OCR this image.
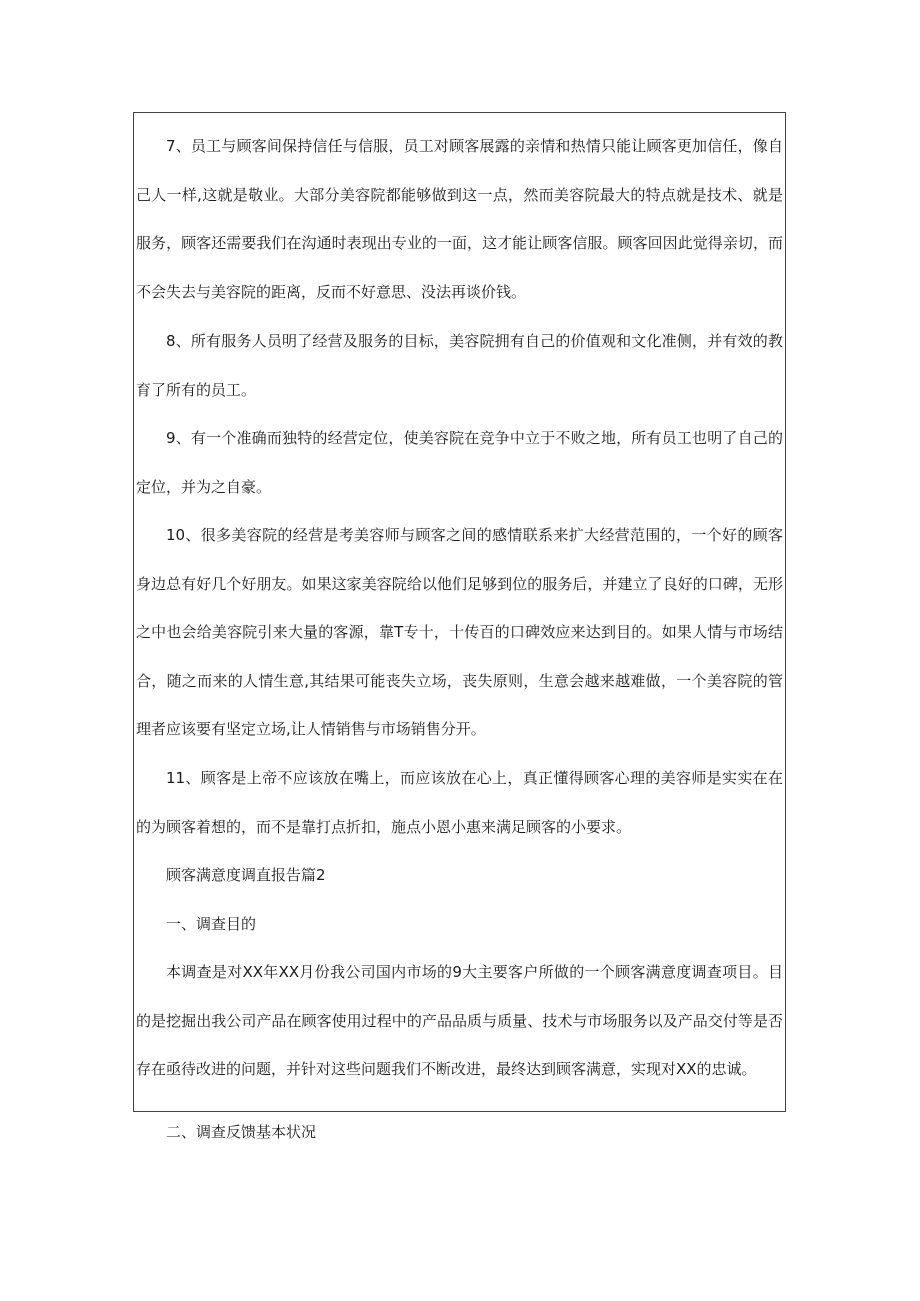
7、员工与顾客间保持信任与信服，员工对顾客展露的亲情和热情只能让顾客更加信任，像自己人一样,这就是敬业。大部分美容院都能够做到这一点，然而美容院最大的特点就是技术、就是服务，顾客还需要我们在沟通时表现出专业的一面，这才能让顾客信服。顾客回因此觉得亲切，而不会失去与美容院的距离，反而不好意思、没法再谈价钱。

8、所有服务人员明了经营及服务的目标，美容院拥有自己的价值观和文化准侧，并有效的教育了所有的员工。

9、有一个准确而独特的经营定位，使美容院在竞争中立于不败之地，所有员工也明了自己的定位，并为之自豪。

10、很多美容院的经营是考美容师与顾客之间的感情联系来扩大经营范围的，一个好的顾客身边总有好几个好朋友。如果这家美容院给以他们足够到位的服务后，并建立了良好的口碑，无形之中也会给美容院引来大量的客源，靠T专十，十传百的口碑效应来达到目的。如果人情与市场结合，随之而来的人情生意,其结果可能丧失立场，丧失原则，生意会越来越难做，一个美容院的管理者应该要有坚定立场,让人情销售与市场销售分开。

11、顾客是上帝不应该放在嘴上，而应该放在心上，真正懂得顾客心理的美容师是实实在在的为顾客着想的，而不是靠打点折扣，施点小恩小惠来满足顾客的小要求。

顾客满意度调直报告篇2

一、调查目的

本调查是对XX年XX月份我公司国内市场的9大主要客户所做的一个顾客满意度调查项目。目的是挖掘出我公司产品在顾客使用过程中的产品品质与质量、技术与市场服务以及产品交付等是否存在亟待改进的问题，并针对这些问题我们不断改进，最终达到顾客满意，实现对XX的忠诚。

二、调查反馈基本状况
